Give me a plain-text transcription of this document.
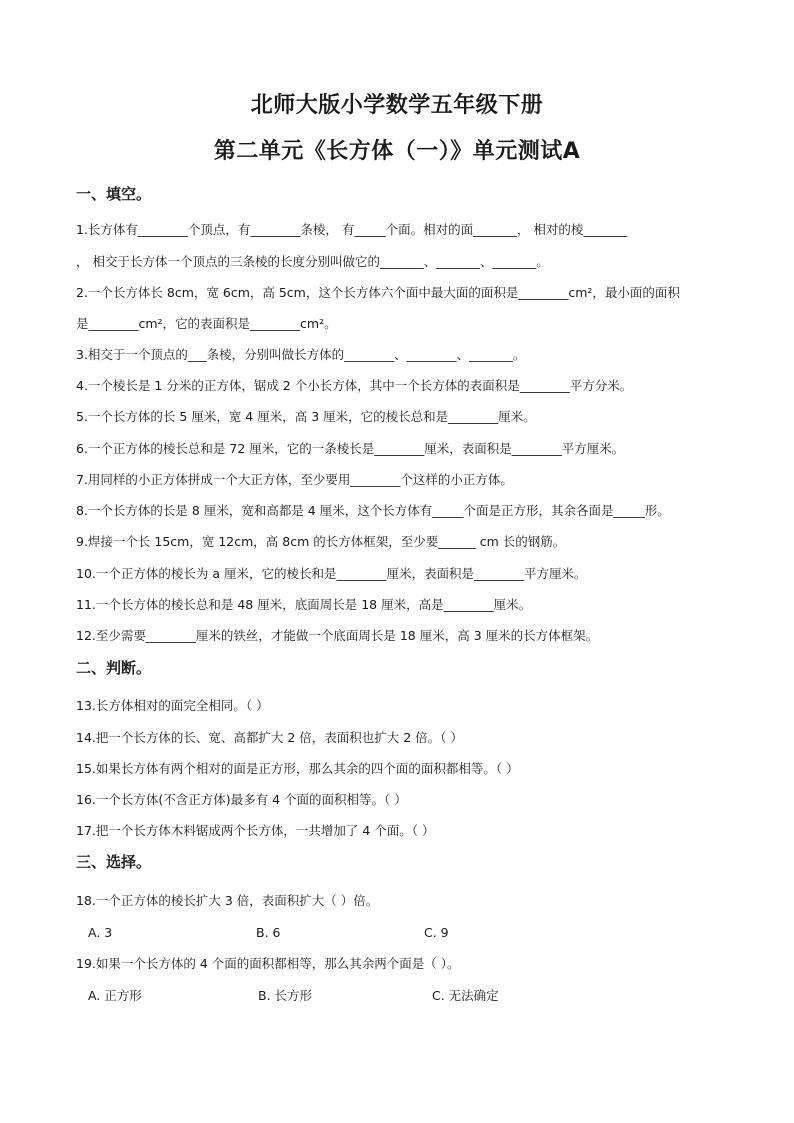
北师大版小学数学五年级下册
第二单元《长方体（一）》单元测试A
一、填空。
1.长方体有________个顶点，有________条棱， 有_____个面。相对的面_______， 相对的棱_______
， 相交于长方体一个顶点的三条棱的长度分别叫做它的_______、_______、_______。
2.一个长方体长 8cm，宽 6cm，高 5cm，这个长方体六个面中最大面的面积是________cm²，最小面的面积
是________cm²，它的表面积是________cm²。
3.相交于一个顶点的___条棱，分别叫做长方体的________、________、_______。
4.一个棱长是 1 分米的正方体，锯成 2 个小长方体，其中一个长方体的表面积是________平方分米。
5.一个长方体的长 5 厘米，宽 4 厘米，高 3 厘米，它的棱长总和是________厘米。
6.一个正方体的棱长总和是 72 厘米，它的一条棱长是________厘米，表面积是________平方厘米。
7.用同样的小正方体拼成一个大正方体，至少要用________个这样的小正方体。
8.一个长方体的长是 8 厘米，宽和高都是 4 厘米，这个长方体有_____个面是正方形，其余各面是_____形。
9.焊接一个长 15cm，宽 12cm，高 8cm 的长方体框架，至少要______ cm 长的钢筋。
10.一个正方体的棱长为 a 厘米，它的棱长和是________厘米，表面积是________平方厘米。
11.一个长方体的棱长总和是 48 厘米，底面周长是 18 厘米，高是________厘米。
12.至少需要________厘米的铁丝，才能做一个底面周长是 18 厘米，高 3 厘米的长方体框架。
二、判断。
13.长方体相对的面完全相同。（ ）
14.把一个长方体的长、宽、高都扩大 2 倍，表面积也扩大 2 倍。（ ）
15.如果长方体有两个相对的面是正方形，那么其余的四个面的面积都相等。（ ）
16.一个长方体(不含正方体)最多有 4 个面的面积相等。（ ）
17.把一个长方体木料锯成两个长方体，一共增加了 4 个面。（ ）
三、选择。
18.一个正方体的棱长扩大 3 倍，表面积扩大（ ）倍。
A. 3	B. 6	C. 9
19.如果一个长方体的 4 个面的面积都相等，那么其余两个面是（ ）。
A. 正方形	B. 长方形	C. 无法确定
